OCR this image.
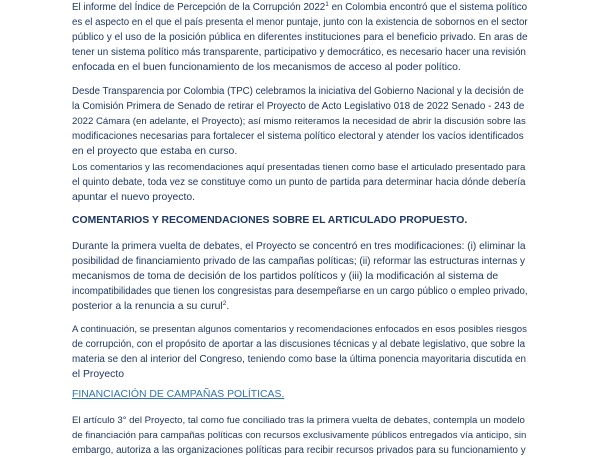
El informe del Índice de Percepción de la Corrupción 2022$^1$ en Colombia encontró que el sistema político
es el aspecto en el que el país presenta el menor puntaje, junto con la existencia de sobornos en el sector
público y el uso de la posición pública en diferentes instituciones para el beneficio privado. En aras de
tener un sistema político más transparente, participativo y democrático, es necesario hacer una revisión
enfocada en el buen funcionamiento de los mecanismos de acceso al poder político.
Desde Transparencia por Colombia (TPC) celebramos la iniciativa del Gobierno Nacional y la decisión de
la Comisión Primera de Senado de retirar el Proyecto de Acto Legislativo 018 de 2022 Senado - 243 de
2022 Cámara (en adelante, el Proyecto); así mismo reiteramos la necesidad de abrir la discusión sobre las
modificaciones necesarias para fortalecer el sistema político electoral y atender los vacíos identificados
en el proyecto que estaba en curso.
Los comentarios y las recomendaciones aquí presentadas tienen como base el articulado presentado para
el quinto debate, toda vez se constituye como un punto de partida para determinar hacia dónde debería
apuntar el nuevo proyecto.
COMENTARIOS Y RECOMENDACIONES SOBRE EL ARTICULADO PROPUESTO.
Durante la primera vuelta de debates, el Proyecto se concentró en tres modificaciones: (i) eliminar la
posibilidad de financiamiento privado de las campañas políticas; (ii) reformar las estructuras internas y
mecanismos de toma de decisión de los partidos políticos y (iii) la modificación al sistema de
incompatibilidades que tienen los congresistas para desempeñarse en un cargo público o empleo privado,
posterior a la renuncia a su curul$^2$.
A continuación, se presentan algunos comentarios y recomendaciones enfocados en esos posibles riesgos
de corrupción, con el propósito de aportar a las discusiones técnicas y al debate legislativo, que sobre la
materia se den al interior del Congreso, teniendo como base la última ponencia mayoritaria discutida en
el Proyecto
FINANCIACIÓN DE CAMPAÑAS POLÍTICAS.
El artículo 3° del Proyecto, tal como fue conciliado tras la primera vuelta de debates, contempla un modelo
de financiación para campañas políticas con recursos exclusivamente públicos entregados vía anticipo, sin
embargo, autoriza a las organizaciones políticas para recibir recursos privados para su funcionamiento y
